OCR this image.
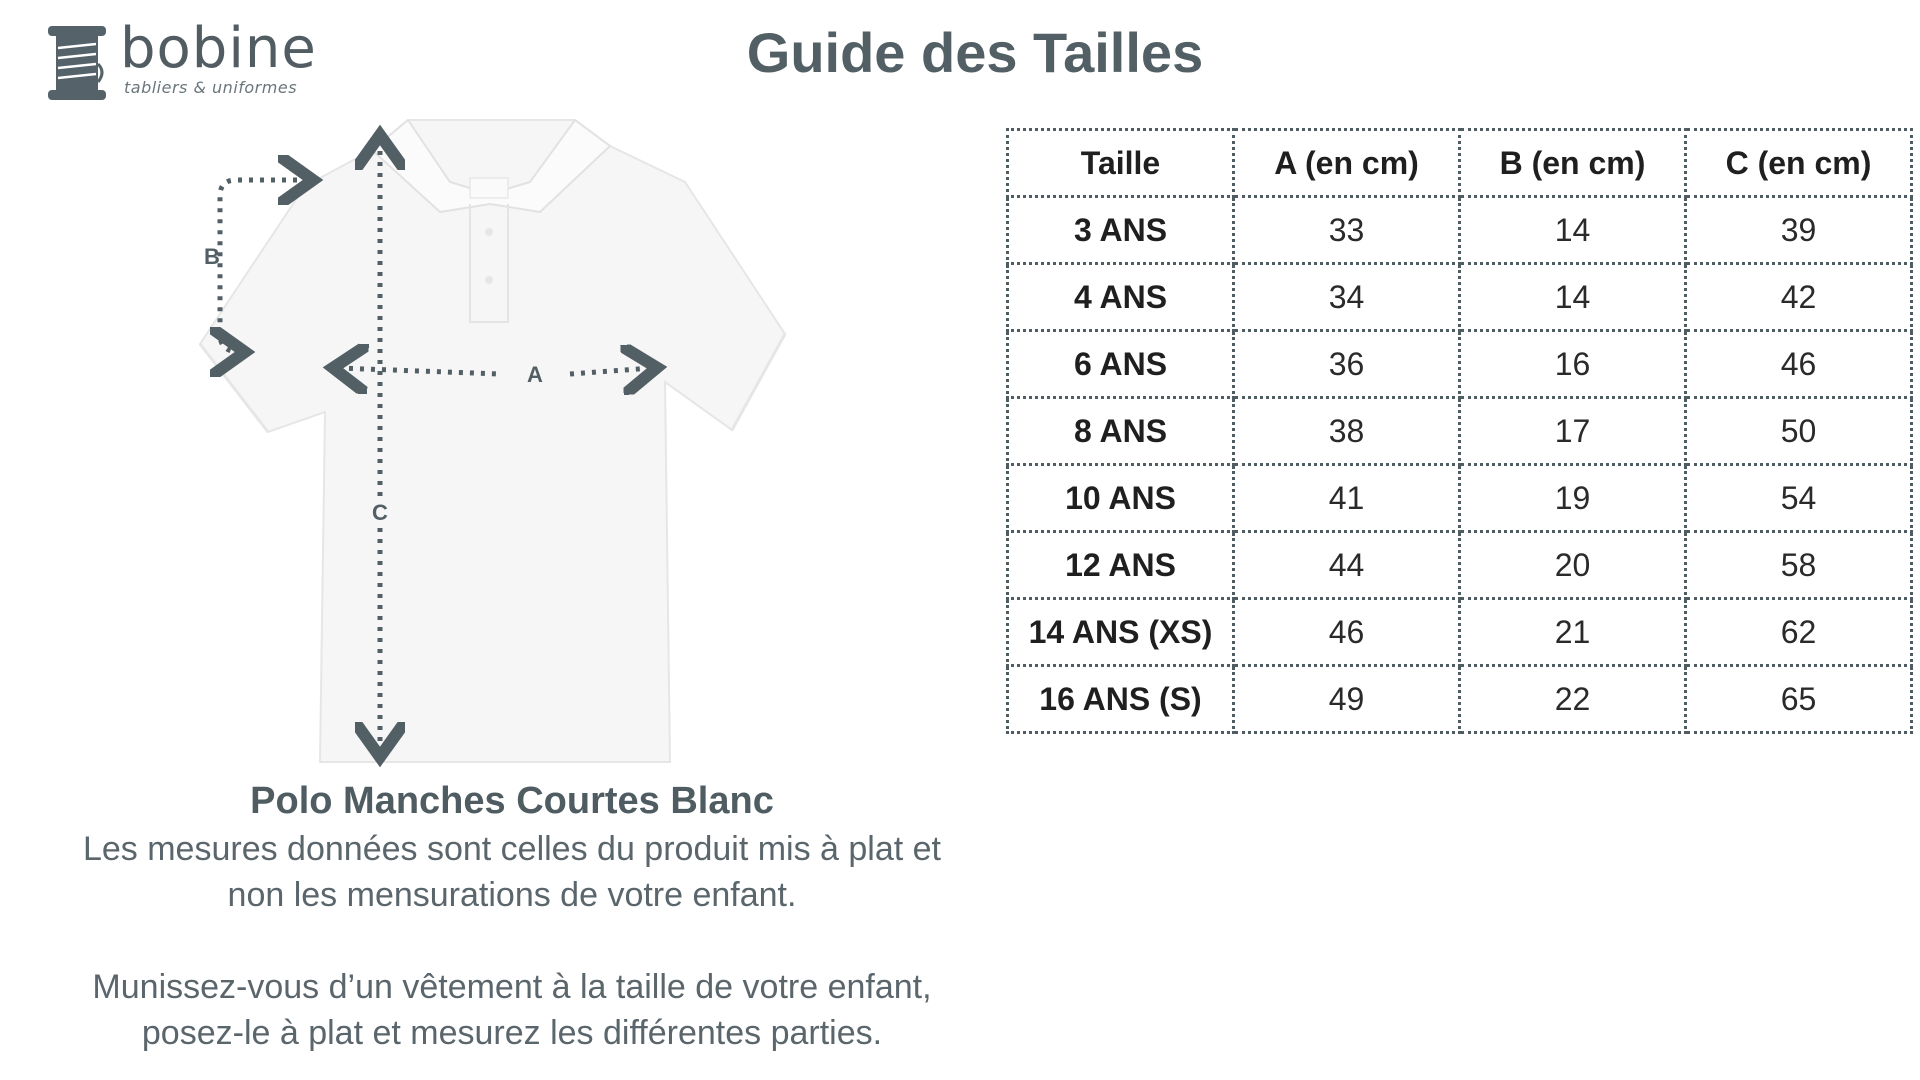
bobine
tabliers & uniformes
Guide des Tailles
B
A
C
Polo Manches Courtes Blanc
Les mesures données sont celles du produit mis à plat et
non les mensurations de votre enfant.
Munissez-vous d’un vêtement à la taille de votre enfant,
posez-le à plat et mesurez les différentes parties.
Taille	A (en cm)	B (en cm)	C (en cm)
3 ANS	33	14	39
4 ANS	34	14	42
6 ANS	36	16	46
8 ANS	38	17	50
10 ANS	41	19	54
12 ANS	44	20	58
14 ANS (XS)	46	21	62
16 ANS (S)	49	22	65
